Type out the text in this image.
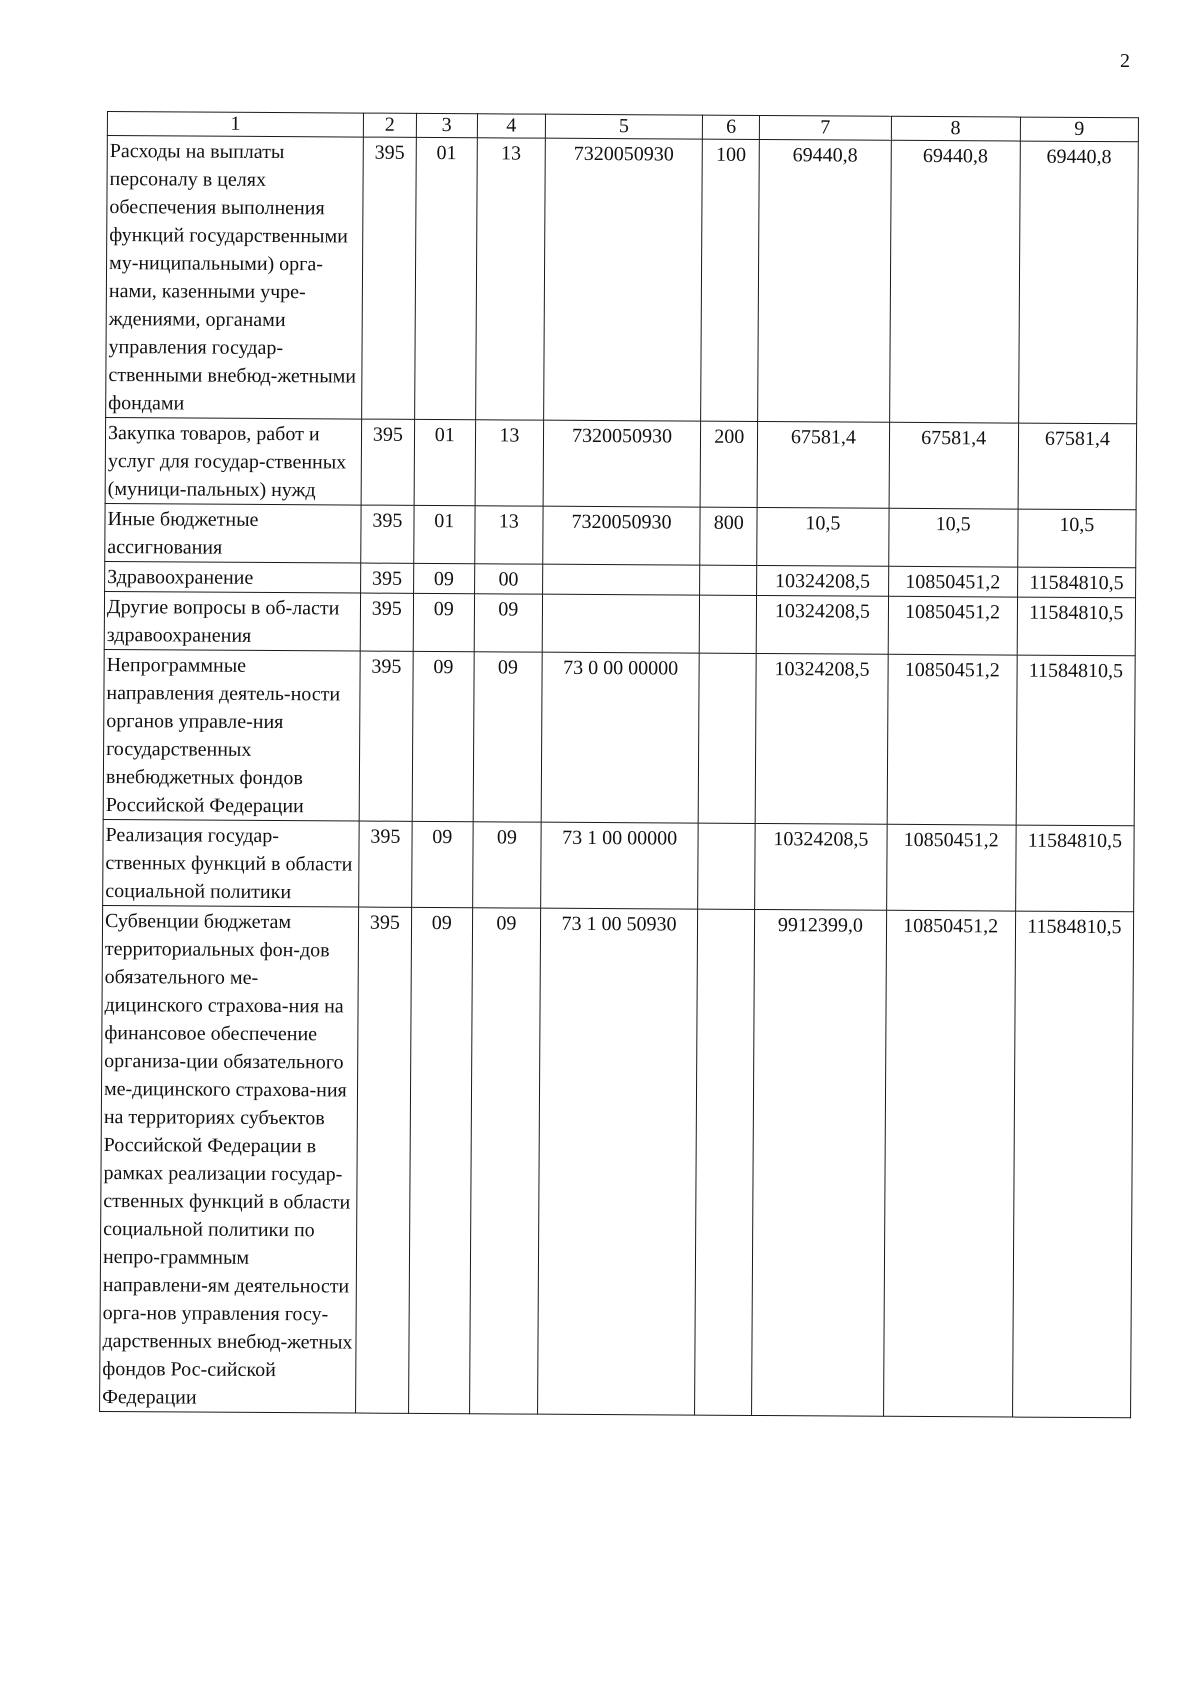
2
1	2	3	4	5	6	7	8	9
Расходы на выплаты персоналу в целях обеспечения выполнения функций государственными му-ниципальными) орга-нами, казенными учре-ждениями, органами управления государ-ственными внебюд-жетными фондами	395	01	13	7320050930	100	69440,8	69440,8	69440,8
Закупка товаров, работ и услуг для государ-ственных (муници-пальных) нужд	395	01	13	7320050930	200	67581,4	67581,4	67581,4
Иные бюджетные ассигнования	395	01	13	7320050930	800	10,5	10,5	10,5
Здравоохранение	395	09	00			10324208,5	10850451,2	11584810,5
Другие вопросы в об-ласти здравоохранения	395	09	09			10324208,5	10850451,2	11584810,5
Непрограммные направления деятель-ности органов управле-ния государственных внебюджетных фондов Российской Федерации	395	09	09	73 0 00 00000		10324208,5	10850451,2	11584810,5
Реализация государ-ственных функций в области социальной политики	395	09	09	73 1 00 00000		10324208,5	10850451,2	11584810,5
Субвенции бюджетам территориальных фон-дов обязательного ме-дицинского страхова-ния на финансовое обеспечение организа-ции обязательного ме-дицинского страхова-ния на территориях субъектов Российской Федерации в рамках реализации государ-ственных функций в области социальной политики по непро-граммным направлени-ям деятельности орга-нов управления госу-дарственных внебюд-жетных фондов Рос-сийской Федерации	395	09	09	73 1 00 50930		9912399,0	10850451,2	11584810,5
